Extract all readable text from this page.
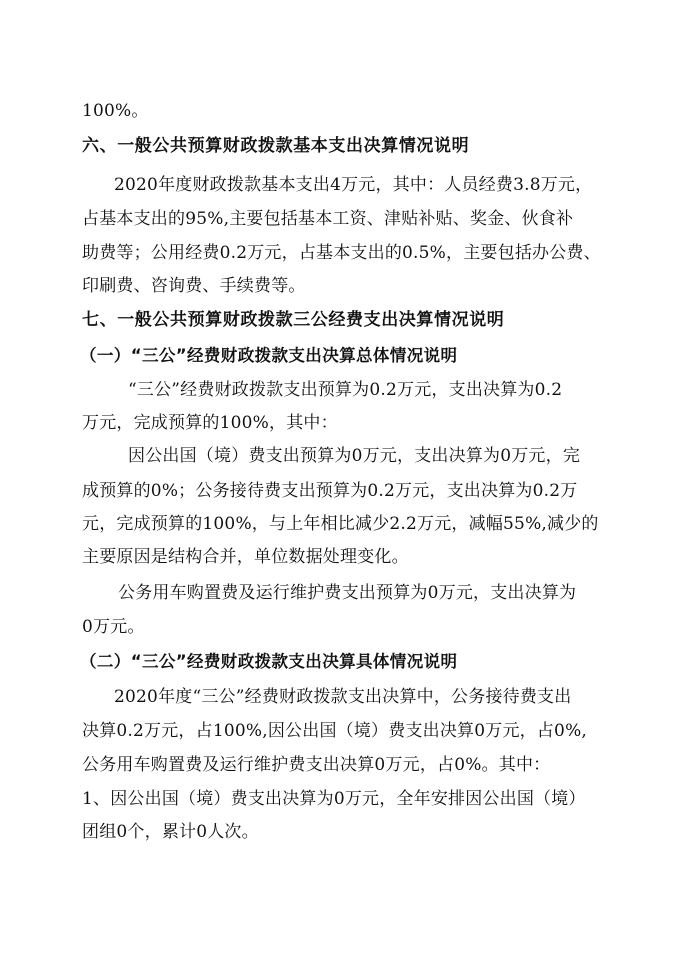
100%。
六、一般公共预算财政拨款基本支出决算情况说明
2020年度财政拨款基本支出4万元，其中：人员经费3.8万元，
占基本支出的95%,主要包括基本工资、津贴补贴、奖金、伙食补
助费等；公用经费0.2万元，占基本支出的0.5%，主要包括办公费、
印刷费、咨询费、手续费等。
七、一般公共预算财政拨款三公经费支出决算情况说明
（一）“三公”经费财政拨款支出决算总体情况说明
“三公”经费财政拨款支出预算为0.2万元，支出决算为0.2
万元，完成预算的100%，其中：
因公出国（境）费支出预算为0万元，支出决算为0万元，完
成预算的0%；公务接待费支出预算为0.2万元，支出决算为0.2万
元，完成预算的100%，与上年相比减少2.2万元，减幅55%,减少的
主要原因是结构合并，单位数据处理变化。
公务用车购置费及运行维护费支出预算为0万元，支出决算为
0万元。
（二）“三公”经费财政拨款支出决算具体情况说明
2020年度“三公”经费财政拨款支出决算中，公务接待费支出
决算0.2万元，占100%,因公出国（境）费支出决算0万元，占0%,
公务用车购置费及运行维护费支出决算0万元，占0%。其中：
1、因公出国（境）费支出决算为0万元，全年安排因公出国（境）
团组0个，累计0人次。
